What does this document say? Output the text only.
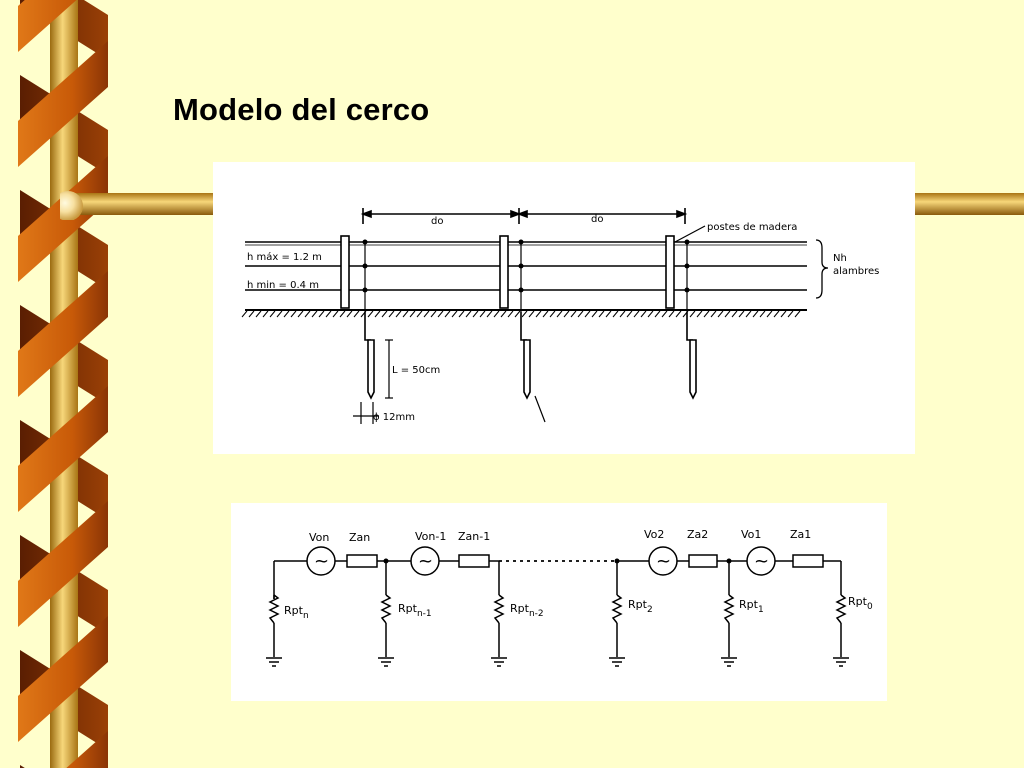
Modelo del cerco
do	do
postes de madera
h máx = 1.2 m
h min = 0.4 m
Nh
alambres
L = 50cm
ϕ 12mm
~	~	~	~
Von	Von-1	Vo2	Vo1
Zan	Zan-1	Za2	Za1
Rpt$_n$
Rpt$_{n-1}$	Rpt$_{n-2}$
Rpt$_2$	Rpt$_1$
Rpt$_0$
